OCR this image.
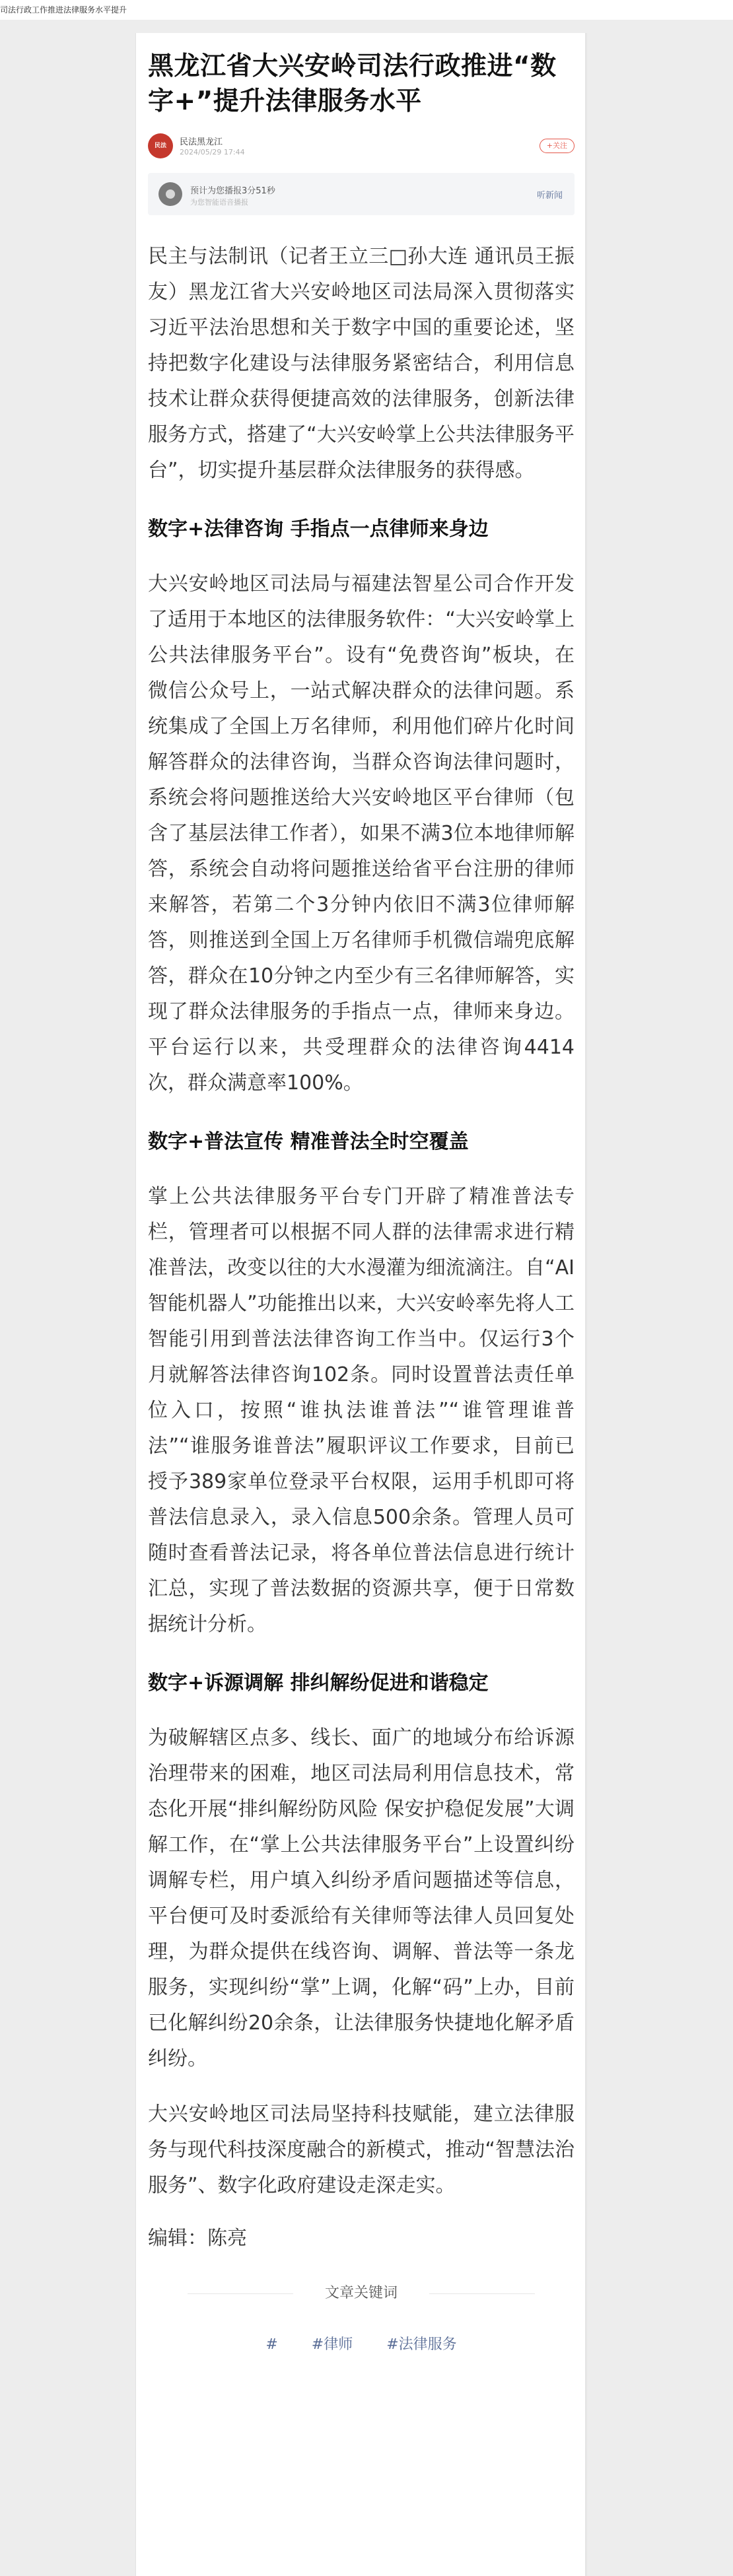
司法行政工作推进法律服务水平提升
黑龙江省大兴安岭司法行政推进“数字+”提升法律服务水平
民法	民法黑龙江
2024/05/29 17:44
+关注
预计为您播报3分51秒
为您智能语音播报
听新闻

民主与法制讯（记者王立三□孙大连 通讯员王振友）黑龙江省大兴安岭地区司法局深入贯彻落实习近平法治思想和关于数字中国的重要论述，坚持把数字化建设与法律服务紧密结合，利用信息技术让群众获得便捷高效的法律服务，创新法律服务方式，搭建了“大兴安岭掌上公共法律服务平台”，切实提升基层群众法律服务的获得感。

数字+法律咨询 手指点一点律师来身边

大兴安岭地区司法局与福建法智星公司合作开发了适用于本地区的法律服务软件：“大兴安岭掌上公共法律服务平台”。设有“免费咨询”板块，在微信公众号上，一站式解决群众的法律问题。系统集成了全国上万名律师，利用他们碎片化时间解答群众的法律咨询，当群众咨询法律问题时，系统会将问题推送给大兴安岭地区平台律师（包含了基层法律工作者），如果不满3位本地律师解答，系统会自动将问题推送给省平台注册的律师来解答，若第二个3分钟内依旧不满3位律师解答，则推送到全国上万名律师手机微信端兜底解答，群众在10分钟之内至少有三名律师解答，实现了群众法律服务的手指点一点，律师来身边。平台运行以来，共受理群众的法律咨询4414次，群众满意率100%。

数字+普法宣传 精准普法全时空覆盖

掌上公共法律服务平台专门开辟了精准普法专栏，管理者可以根据不同人群的法律需求进行精准普法，改变以往的大水漫灌为细流滴注。自“AI智能机器人”功能推出以来，大兴安岭率先将人工智能引用到普法法律咨询工作当中。仅运行3个月就解答法律咨询102条。同时设置普法责任单位入口，按照“谁执法谁普法”“谁管理谁普法”“谁服务谁普法”履职评议工作要求，目前已授予389家单位登录平台权限，运用手机即可将普法信息录入，录入信息500余条。管理人员可随时查看普法记录，将各单位普法信息进行统计汇总，实现了普法数据的资源共享，便于日常数据统计分析。

数字+诉源调解 排纠解纷促进和谐稳定

为破解辖区点多、线长、面广的地域分布给诉源治理带来的困难，地区司法局利用信息技术，常态化开展“排纠解纷防风险 保安护稳促发展”大调解工作，在“掌上公共法律服务平台”上设置纠纷调解专栏，用户填入纠纷矛盾问题描述等信息，平台便可及时委派给有关律师等法律人员回复处理，为群众提供在线咨询、调解、普法等一条龙服务，实现纠纷“掌”上调，化解“码”上办，目前已化解纠纷20余条，让法律服务快捷地化解矛盾纠纷。

大兴安岭地区司法局坚持科技赋能，建立法律服务与现代科技深度融合的新模式，推动“智慧法治服务”、数字化政府建设走深走实。

编辑：陈亮
文章关键词
# #律师 #法律服务
